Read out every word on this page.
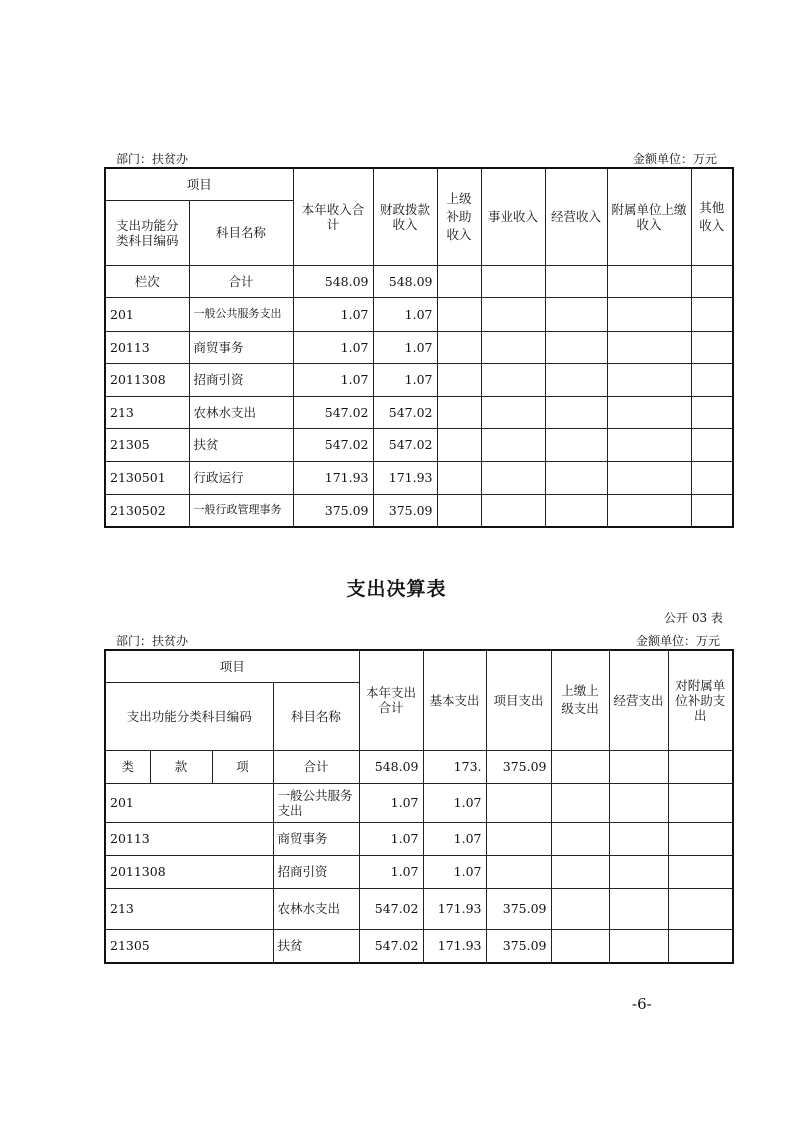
部门：扶贫办	金额单位：万元
项目		本年收入合计	财政拨款收入	上级补助收入	事业收入	经营收入	附属单位上缴收入	其他收入
支出功能分类科目编码	科目名称							
栏次	合计	548.09	548.09					
201	一般公共服务支出	1.07	1.07					
20113	商贸事务	1.07	1.07					
2011308	招商引资	1.07	1.07					
213	农林水支出	547.02	547.02					
21305	扶贫	547.02	547.02					
2130501	行政运行	171.93	171.93					
2130502	一般行政管理事务	375.09	375.09					
支出决算表
公开 03 表
部门：扶贫办	金额单位：万元
项目				本年支出合计	基本支出	项目支出	上缴上级支出	经营支出	对附属单位补助支出
支出功能分类科目编码			科目名称						
类	款	项	合计	548.09	173.	375.09			
201			一般公共服务支出	1.07	1.07				
20113			商贸事务	1.07	1.07				
2011308			招商引资	1.07	1.07				
213			农林水支出	547.02	171.93	375.09			
21305			扶贫	547.02	171.93	375.09			
-6-
